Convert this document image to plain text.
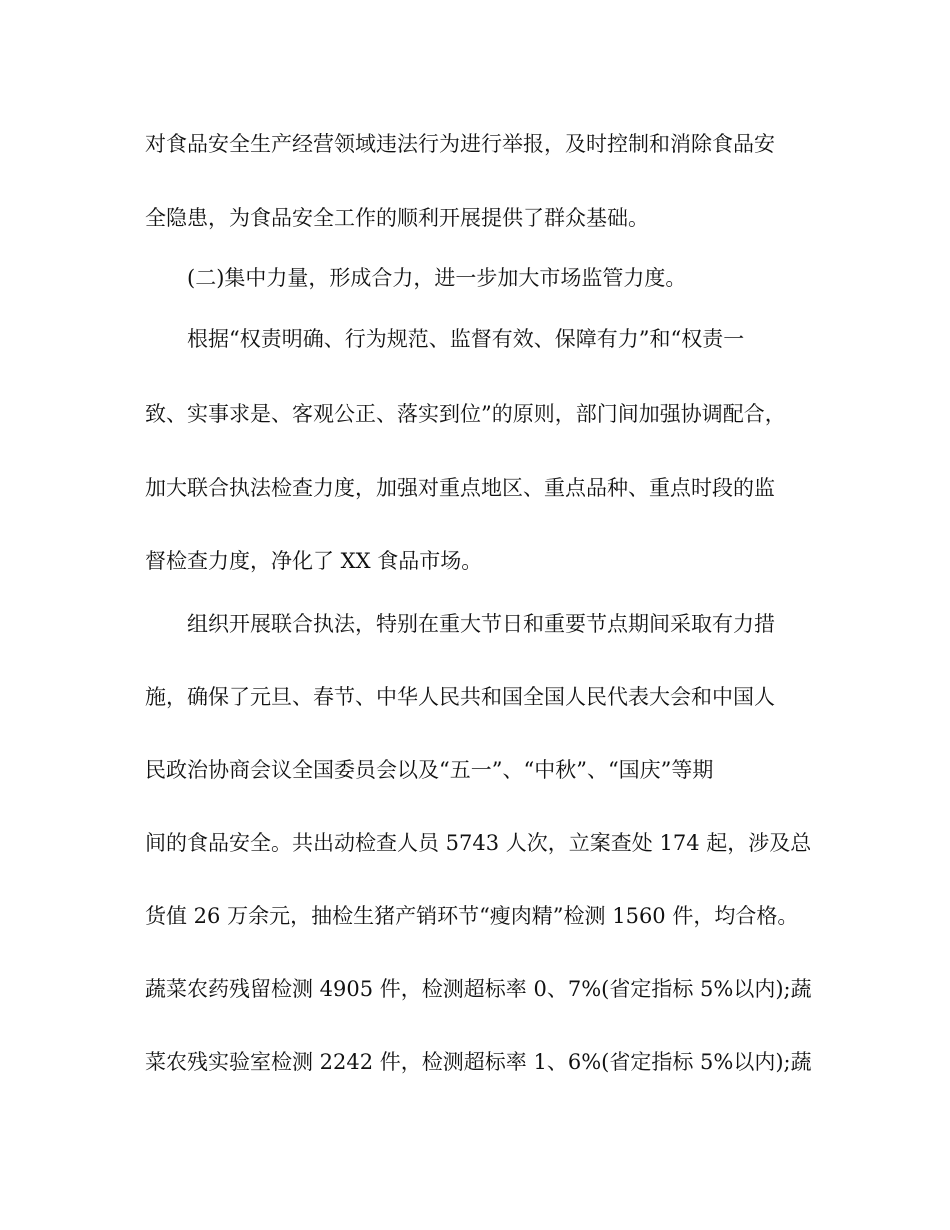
对食品安全生产经营领域违法行为进行举报，及时控制和消除食品安
全隐患，为食品安全工作的顺利开展提供了群众基础。
(二)集中力量，形成合力，进一步加大市场监管力度。
根据“权责明确、行为规范、监督有效、保障有力”和“权责一
致、实事求是、客观公正、落实到位”的原则，部门间加强协调配合，
加大联合执法检查力度，加强对重点地区、重点品种、重点时段的监
督检查力度，净化了 XX 食品市场。
组织开展联合执法，特别在重大节日和重要节点期间采取有力措
施，确保了元旦、春节、中华人民共和国全国人民代表大会和中国人
民政治协商会议全国委员会以及“五一”、“中秋”、“国庆”等期
间的食品安全。共出动检查人员 5743 人次，立案查处 174 起，涉及总
货值 26 万余元，抽检生猪产销环节“瘦肉精”检测 1560 件，均合格。
蔬菜农药残留检测 4905 件，检测超标率 0、7%(省定指标 5%以内);蔬
菜农残实验室检测 2242 件，检测超标率 1、6%(省定指标 5%以内);蔬
